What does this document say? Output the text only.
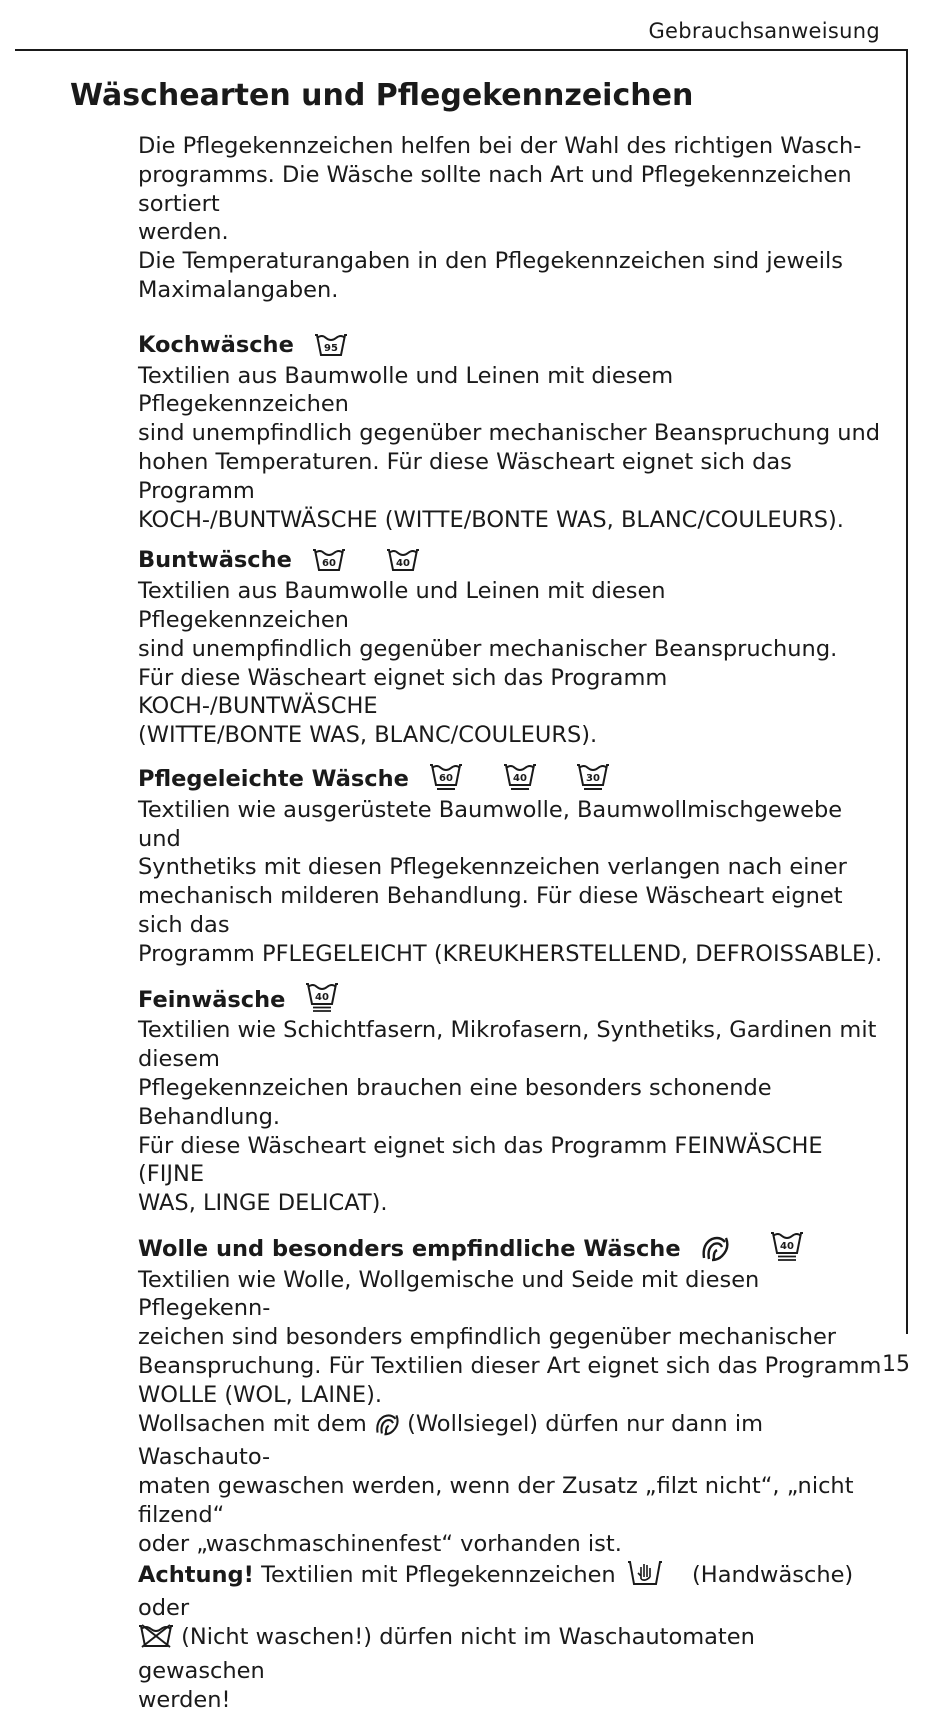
Gebrauchsanweisung
Wäschearten und Pflegekennzeichen

Die Pflegekennzeichen helfen bei der Wahl des richtigen Wasch-
programms. Die Wäsche sollte nach Art und Pflegekennzeichen sortiert
werden.
Die Temperaturangaben in den Pflegekennzeichen sind jeweils
Maximalangaben.

Kochwäsche	95
Textilien aus Baumwolle und Leinen mit diesem Pflegekennzeichen
sind unempfindlich gegenüber mechanischer Beanspruchung und
hohen Temperaturen. Für diese Wäscheart eignet sich das Programm
KOCH-/BUNTWÄSCHE (WITTE/BONTE WAS, BLANC/COULEURS).
Buntwäsche	60
	40
Textilien aus Baumwolle und Leinen mit diesen Pflegekennzeichen
sind unempfindlich gegenüber mechanischer Beanspruchung.
Für diese Wäscheart eignet sich das Programm KOCH-/BUNTWÄSCHE
(WITTE/BONTE WAS, BLANC/COULEURS).
Pflegeleichte Wäsche	60
	40
	30
Textilien wie ausgerüstete Baumwolle, Baumwollmischgewebe und
Synthetiks mit diesen Pflegekennzeichen verlangen nach einer
mechanisch milderen Behandlung. Für diese Wäscheart eignet sich das
Programm PFLEGELEICHT (KREUKHERSTELLEND, DEFROISSABLE).
Feinwäsche	40
Textilien wie Schichtfasern, Mikrofasern, Synthetiks, Gardinen mit diesem
Pflegekennzeichen brauchen eine besonders schonende Behandlung.
Für diese Wäscheart eignet sich das Programm FEINWÄSCHE (FIJNE
WAS, LINGE DELICAT).
Wolle und besonders empfindliche Wäsche
	40
Textilien wie Wolle, Wollgemische und Seide mit diesen Pflegekenn-
zeichen sind besonders empfindlich gegenüber mechanischer
Beanspruchung. Für Textilien dieser Art eignet sich das Programm
WOLLE (WOL, LAINE).
Wollsachen mit dem (Wollsiegel) dürfen nur dann im Waschauto-
maten gewaschen werden, wenn der Zusatz „filzt nicht“, „nicht filzend“
oder „waschmaschinenfest“ vorhanden ist.
Achtung! Textilien mit Pflegekennzeichen	(Handwäsche) oder
(Nicht waschen!) dürfen nicht im Waschautomaten gewaschen
werden!
15
